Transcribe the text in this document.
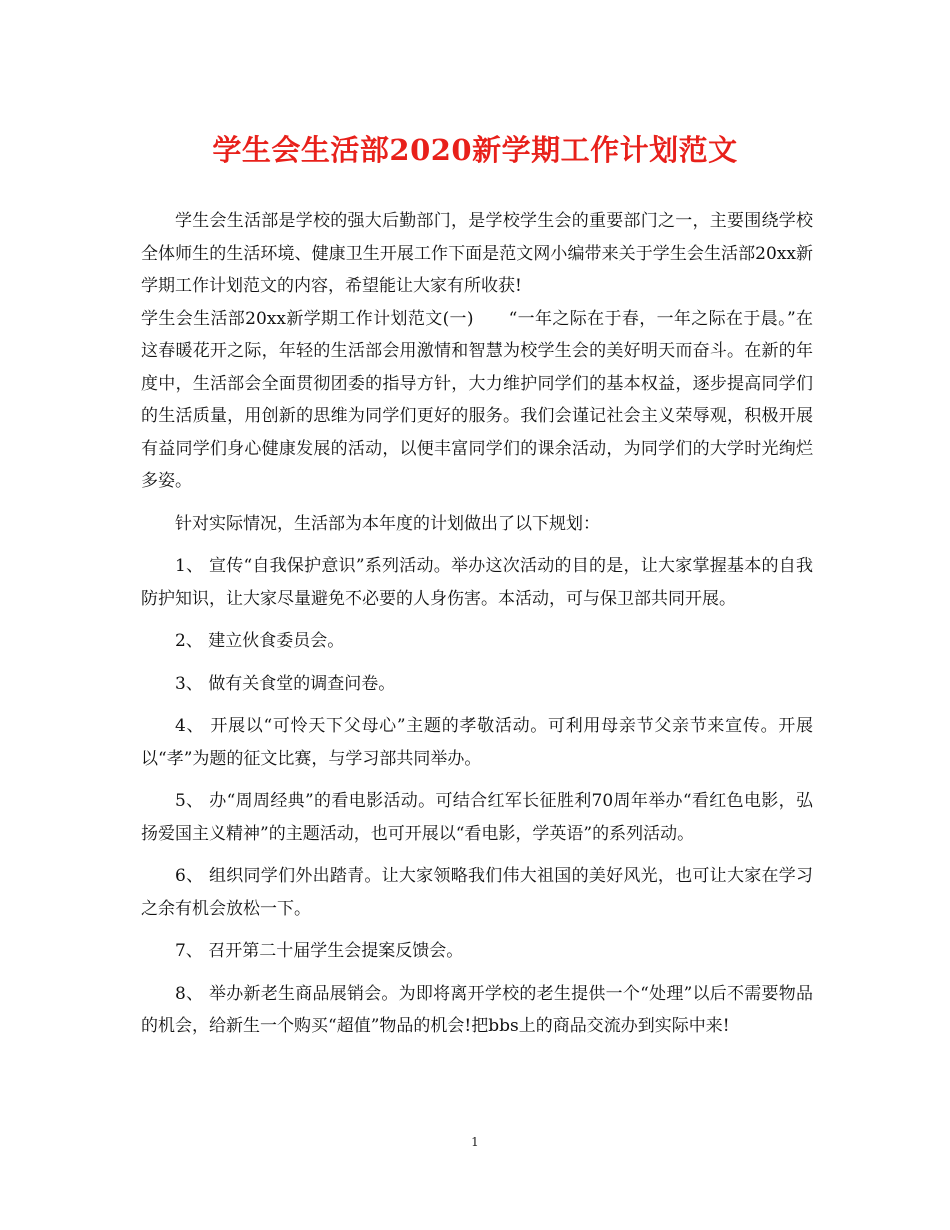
学生会生活部2020新学期工作计划范文

学生会生活部是学校的强大后勤部门，是学校学生会的重要部门之一，主要围绕学校全体师生的生活环境、健康卫生开展工作下面是范文网小编带来关于学生会生活部20xx新学期工作计划范文的内容，希望能让大家有所收获!

学生会生活部20xx新学期工作计划范文(一)　　“一年之际在于春，一年之际在于晨。”在这春暖花开之际，年轻的生活部会用激情和智慧为校学生会的美好明天而奋斗。在新的年度中，生活部会全面贯彻团委的指导方针，大力维护同学们的基本权益，逐步提高同学们的生活质量，用创新的思维为同学们更好的服务。我们会谨记社会主义荣辱观，积极开展有益同学们身心健康发展的活动，以便丰富同学们的课余活动，为同学们的大学时光绚烂多姿。

针对实际情况，生活部为本年度的计划做出了以下规划：

1、 宣传“自我保护意识”系列活动。举办这次活动的目的是，让大家掌握基本的自我防护知识，让大家尽量避免不必要的人身伤害。本活动，可与保卫部共同开展。

2、 建立伙食委员会。

3、 做有关食堂的调查问卷。

4、 开展以“可怜天下父母心”主题的孝敬活动。可利用母亲节父亲节来宣传。开展以“孝”为题的征文比赛，与学习部共同举办。

5、 办“周周经典”的看电影活动。可结合红军长征胜利70周年举办“看红色电影，弘扬爱国主义精神”的主题活动，也可开展以“看电影，学英语”的系列活动。

6、 组织同学们外出踏青。让大家领略我们伟大祖国的美好风光，也可让大家在学习之余有机会放松一下。

7、 召开第二十届学生会提案反馈会。

8、 举办新老生商品展销会。为即将离开学校的老生提供一个“处理”以后不需要物品的机会，给新生一个购买“超值”物品的机会!把bbs上的商品交流办到实际中来!

1
